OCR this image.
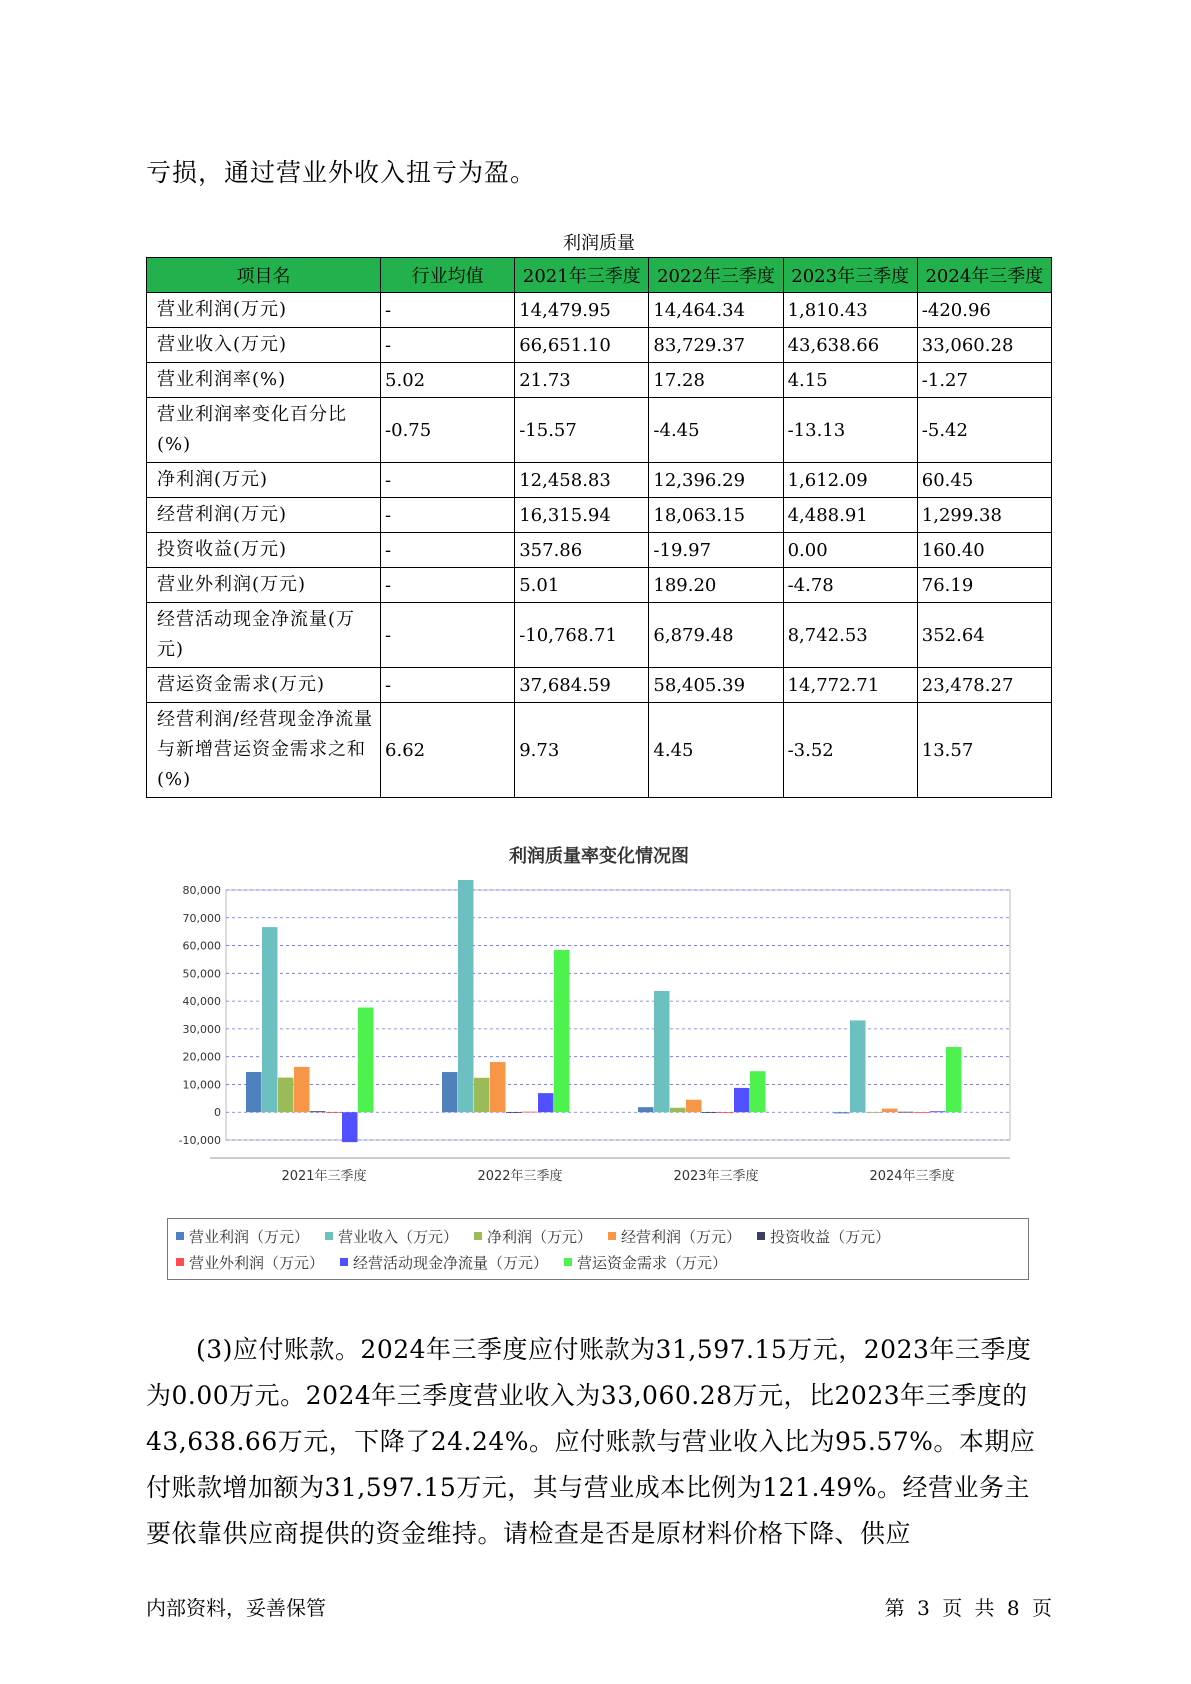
亏损，通过营业外收入扭亏为盈。

利润质量
项目名	行业均值	2021年三季度	2022年三季度	2023年三季度	2024年三季度
营业利润(万元)	-	14,479.95	14,464.34	1,810.43	-420.96
营业收入(万元)	-	66,651.10	83,729.37	43,638.66	33,060.28
营业利润率(%)	5.02	21.73	17.28	4.15	-1.27
营业利润率变化百分比(%)	-0.75	-15.57	-4.45	-13.13	-5.42
净利润(万元)	-	12,458.83	12,396.29	1,612.09	60.45
经营利润(万元)	-	16,315.94	18,063.15	4,488.91	1,299.38
投资收益(万元)	-	357.86	-19.97	0.00	160.40
营业外利润(万元)	-	5.01	189.20	-4.78	76.19
经营活动现金净流量(万元)	-	-10,768.71	6,879.48	8,742.53	352.64
营运资金需求(万元)	-	37,684.59	58,405.39	14,772.71	23,478.27
经营利润/经营现金净流量与新增营运资金需求之和(%)	6.62	9.73	4.45	-3.52	13.57
利润质量率变化情况图
-10,000
0
10,000
20,000
30,000
40,000
50,000
60,000
70,000
80,000
2021年三季度	2022年三季度	2023年三季度	2024年三季度
营业利润（万元） 营业收入（万元） 净利润（万元） 经营利润（万元） 投资收益（万元）
营业外利润（万元） 经营活动现金净流量（万元） 营运资金需求（万元）

(3)应付账款。2024年三季度应付账款为31,597.15万元，2023年三季度为0.00万元。2024年三季度营业收入为33,060.28万元，比2023年三季度的43,638.66万元，下降了24.24%。应付账款与营业收入比为95.57%。本期应付账款增加额为31,597.15万元，其与营业成本比例为121.49%。经营业务主要依靠供应商提供的资金维持。请检查是否是原材料价格下降、供应

内部资料，妥善保管	第 3 页 共 8 页
